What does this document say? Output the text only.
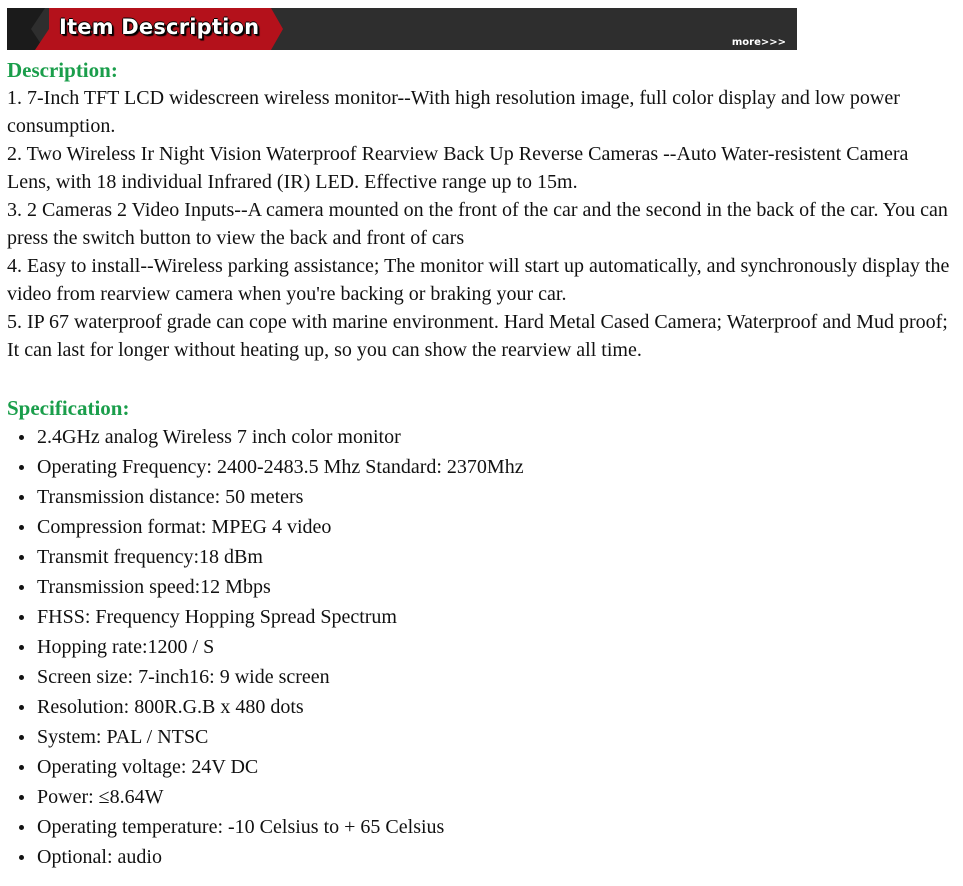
Item Description
more>>>

Description:

1. 7-Inch TFT LCD widescreen wireless monitor--With high resolution image, full color display and low power consumption.

2. Two Wireless Ir Night Vision Waterproof Rearview Back Up Reverse Cameras --Auto Water-resistent Camera Lens, with 18 individual Infrared (IR) LED. Effective range up to 15m.

3. 2 Cameras 2 Video Inputs--A camera mounted on the front of the car and the second in the back of the car. You can press the switch button to view the back and front of cars

4. Easy to install--Wireless parking assistance; The monitor will start up automatically, and synchronously display the video from rearview camera when you're backing or braking your car.

5. IP 67 waterproof grade can cope with marine environment. Hard Metal Cased Camera; Waterproof and Mud proof; It can last for longer without heating up, so you can show the rearview all time.

Specification:

2.4GHz analog Wireless 7 inch color monitor
Operating Frequency: 2400-2483.5 Mhz Standard: 2370Mhz
Transmission distance: 50 meters
Compression format: MPEG 4 video
Transmit frequency:18 dBm
Transmission speed:12 Mbps
FHSS: Frequency Hopping Spread Spectrum
Hopping rate:1200 / S
Screen size: 7-inch16: 9 wide screen
Resolution: 800R.G.B x 480 dots
System: PAL / NTSC
Operating voltage: 24V DC
Power: ≤8.64W
Operating temperature: -10 Celsius to + 65 Celsius
Optional: audio
